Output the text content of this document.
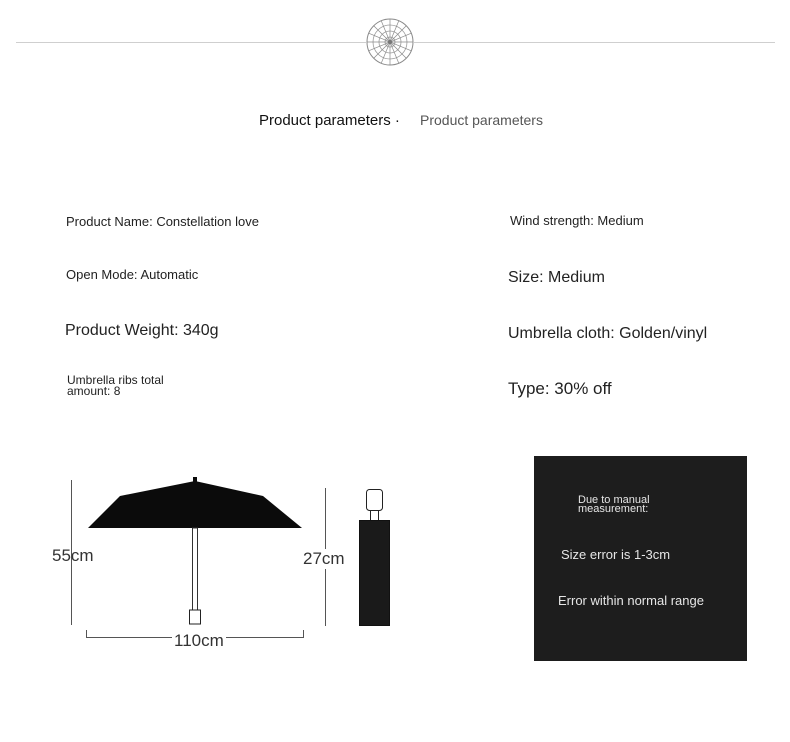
Product parameters · Product parameters
Product Name: Constellation love
Open Mode: Automatic
Product Weight: 340g
Umbrella ribs total amount: 8
Wind strength: Medium
Size: Medium
Umbrella cloth: Golden/vinyl
Type: 30% off
55cm
110cm
27cm
Due to manual measurement:
Size error is 1-3cm
Error within normal range
